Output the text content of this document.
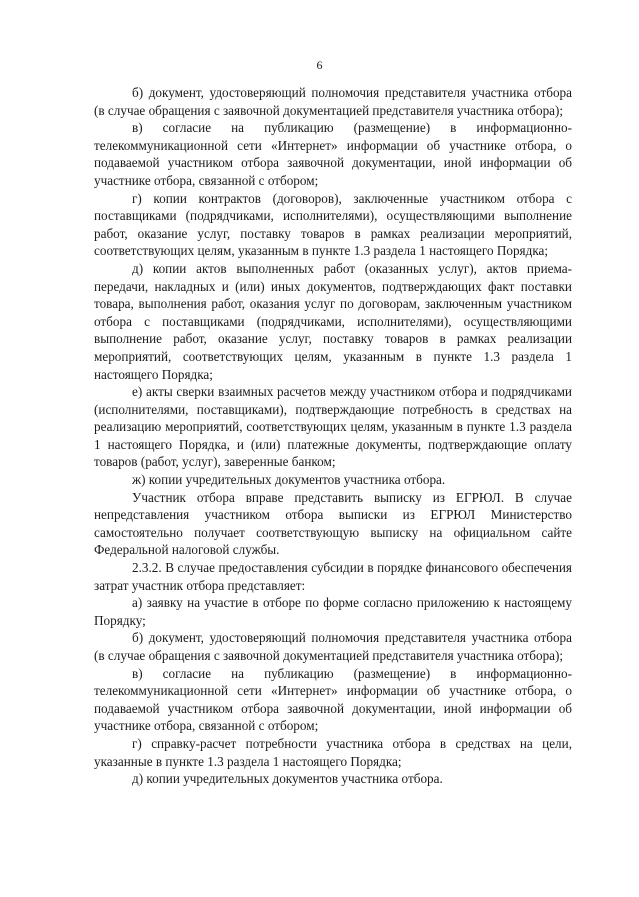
6

б) документ, удостоверяющий полномочия представителя участника отбора (в случае обращения с заявочной документацией представителя участника отбора);

в) согласие на публикацию (размещение) в информационно-телекоммуникационной сети «Интернет» информации об участнике отбора, о подаваемой участником отбора заявочной документации, иной информации об участнике отбора, связанной с отбором;

г) копии контрактов (договоров), заключенные участником отбора с поставщиками (подрядчиками, исполнителями), осуществляющими выполнение работ, оказание услуг, поставку товаров в рамках реализации мероприятий, соответствующих целям, указанным в пункте 1.3 раздела 1 настоящего Порядка;

д) копии актов выполненных работ (оказанных услуг), актов приема-передачи, накладных и (или) иных документов, подтверждающих факт поставки товара, выполнения работ, оказания услуг по договорам, заключенным участником отбора с поставщиками (подрядчиками, исполнителями), осуществляющими выполнение работ, оказание услуг, поставку товаров в рамках реализации мероприятий, соответствующих целям, указанным в пункте 1.3 раздела 1 настоящего Порядка;

е) акты сверки взаимных расчетов между участником отбора и подрядчиками (исполнителями, поставщиками), подтверждающие потребность в средствах на реализацию мероприятий, соответствующих целям, указанным в пункте 1.3 раздела 1 настоящего Порядка, и (или) платежные документы, подтверждающие оплату товаров (работ, услуг), заверенные банком;

ж) копии учредительных документов участника отбора.

Участник отбора вправе представить выписку из ЕГРЮЛ. В случае непредставления участником отбора выписки из ЕГРЮЛ Министерство самостоятельно получает соответствующую выписку на официальном сайте Федеральной налоговой службы.

2.3.2. В случае предоставления субсидии в порядке финансового обеспечения затрат участник отбора представляет:

а) заявку на участие в отборе по форме согласно приложению к настоящему Порядку;

б) документ, удостоверяющий полномочия представителя участника отбора (в случае обращения с заявочной документацией представителя участника отбора);

в) согласие на публикацию (размещение) в информационно-телекоммуникационной сети «Интернет» информации об участнике отбора, о подаваемой участником отбора заявочной документации, иной информации об участнике отбора, связанной с отбором;

г) справку-расчет потребности участника отбора в средствах на цели, указанные в пункте 1.3 раздела 1 настоящего Порядка;

д) копии учредительных документов участника отбора.
